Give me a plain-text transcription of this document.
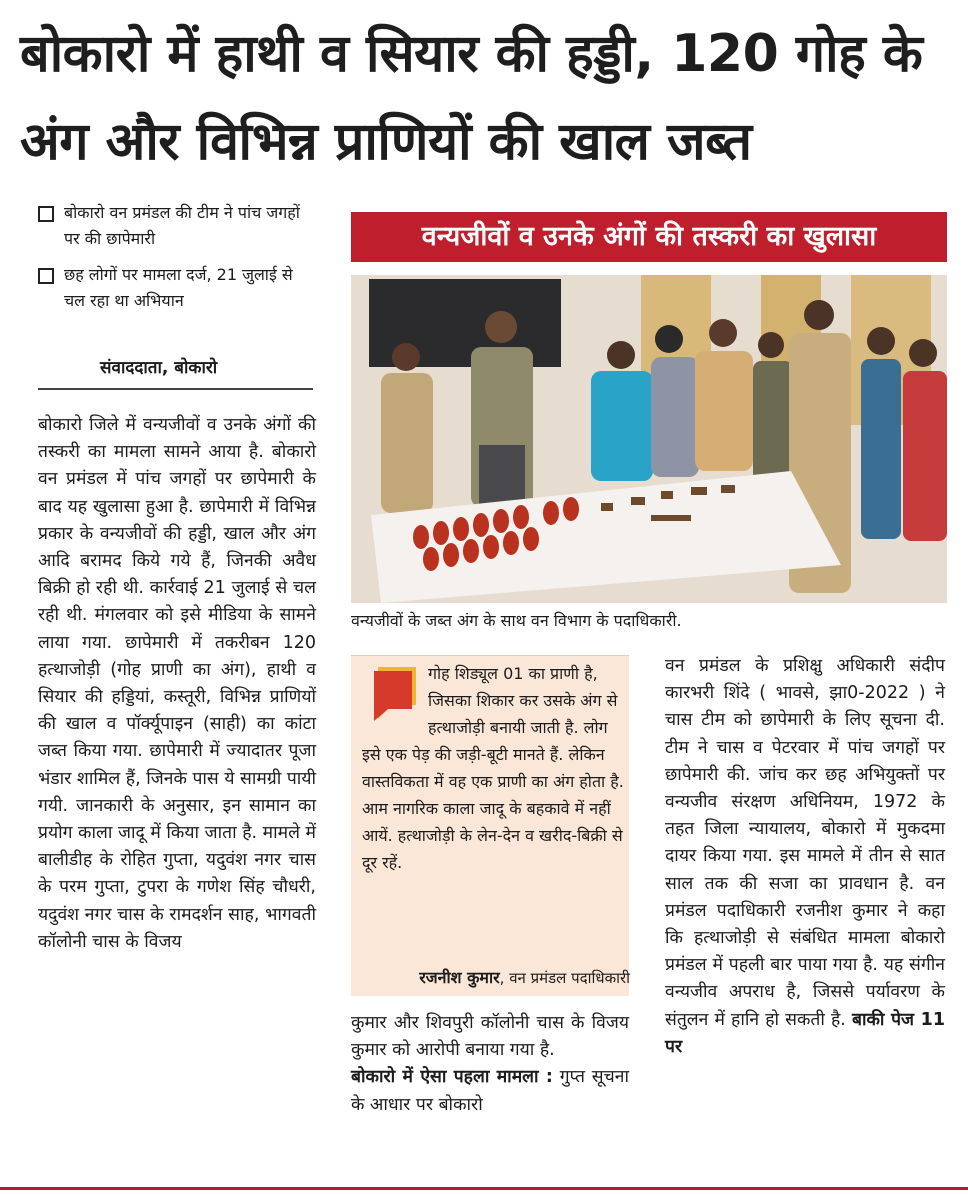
बोकारो में हाथी व सियार की हड्डी, 120 गोह के
अंग और विभिन्न प्राणियों की खाल जब्त
बोकारो वन प्रमंडल की टीम ने पांच जगहों पर की छापेमारी
छह लोगों पर मामला दर्ज, 21 जुलाई से चल रहा था अभियान
संवाददाता, बोकारो
बोकारो जिले में वन्यजीवों व उनके अंगों की तस्करी का मामला सामने आया है. बोकारो वन प्रमंडल में पांच जगहों पर छापेमारी के बाद यह खुलासा हुआ है. छापेमारी में विभिन्न प्रकार के वन्यजीवों की हड्डी, खाल और अंग आदि बरामद किये गये हैं, जिनकी अवैध बिक्री हो रही थी. कार्रवाई 21 जुलाई से चल रही थी. मंगलवार को इसे मीडिया के सामने लाया गया. छापेमारी में तकरीबन 120 हत्थाजोड़ी (गोह प्राणी का अंग), हाथी व सियार की हड्डियां, कस्तूरी, विभिन्न प्राणियों की खाल व पॉर्क्यूपाइन (साही) का कांटा जब्त किया गया. छापेमारी में ज्यादातर पूजा भंडार शामिल हैं, जिनके पास ये सामग्री पायी गयी. जानकारी के अनुसार, इन सामान का प्रयोग काला जादू में किया जाता है. मामले में बालीडीह के रोहित गुप्ता, यदुवंश नगर चास के परम गुप्ता, टुपरा के गणेश सिंह चौधरी, यदुवंश नगर चास के रामदर्शन साह, भागवती कॉलोनी चास के विजय
वन्यजीवों व उनके अंगों की तस्करी का खुलासा
वन्यजीवों के जब्त अंग के साथ वन विभाग के पदाधिकारी.
गोह शिड्यूल 01 का प्राणी है, जिसका शिकार कर उसके अंग से हत्थाजोड़ी बनायी जाती है. लोग इसे एक पेड़ की जड़ी-बूटी मानते हैं. लेकिन वास्तविकता में वह एक प्राणी का अंग होता है. आम नागरिक काला जादू के बहकावे में नहीं आयें. हत्थाजोड़ी के लेन-देन व खरीद-बिक्री से दूर रहें.
रजनीश कुमार, वन प्रमंडल पदाधिकारी
कुमार और शिवपुरी कॉलोनी चास के विजय कुमार को आरोपी बनाया गया है.
बोकारो में ऐसा पहला मामला : गुप्त सूचना के आधार पर बोकारो
वन प्रमंडल के प्रशिक्षु अधिकारी संदीप कारभरी शिंदे ( भावसे, झा0-2022 ) ने चास टीम को छापेमारी के लिए सूचना दी. टीम ने चास व पेटरवार में पांच जगहों पर छापेमारी की. जांच कर छह अभियुक्तों पर वन्यजीव संरक्षण अधिनियम, 1972 के तहत जिला न्यायालय, बोकारो में मुकदमा दायर किया गया. इस मामले में तीन से सात साल तक की सजा का प्रावधान है. वन प्रमंडल पदाधिकारी रजनीश कुमार ने कहा कि हत्थाजोड़ी से संबंधित मामला बोकारो प्रमंडल में पहली बार पाया गया है. यह संगीन वन्यजीव अपराध है, जिससे पर्यावरण के संतुलन में हानि हो सकती है. बाकी पेज 11 पर
